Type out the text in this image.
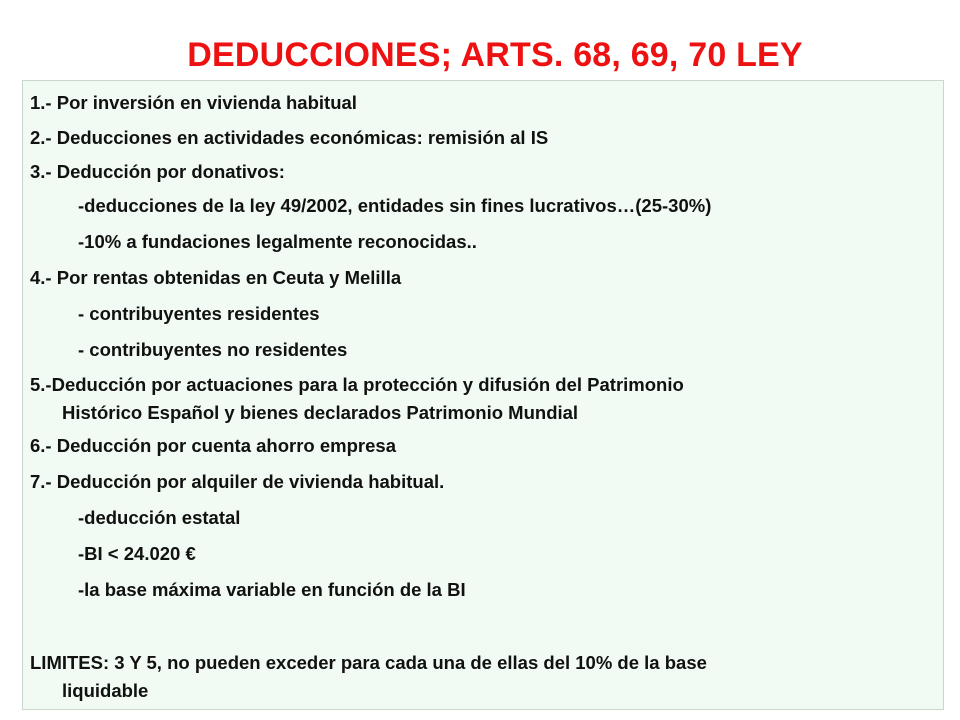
DEDUCCIONES; ARTS. 68, 69, 70 LEY
1.- Por inversión en vivienda habitual
2.- Deducciones en actividades económicas: remisión al IS
3.- Deducción por donativos:
-deducciones de la ley 49/2002, entidades sin fines lucrativos…(25-30%)
-10% a fundaciones legalmente reconocidas..
4.- Por rentas obtenidas en Ceuta y Melilla
- contribuyentes residentes
- contribuyentes no residentes
5.-Deducción por actuaciones para la protección y difusión del Patrimonio
Histórico Español y bienes declarados Patrimonio Mundial
6.- Deducción por cuenta ahorro empresa
7.- Deducción por alquiler de vivienda habitual.
-deducción estatal
-BI < 24.020 €
-la base máxima variable en función de la BI
LIMITES: 3 Y 5, no pueden exceder para cada una de ellas del 10% de la base
liquidable
